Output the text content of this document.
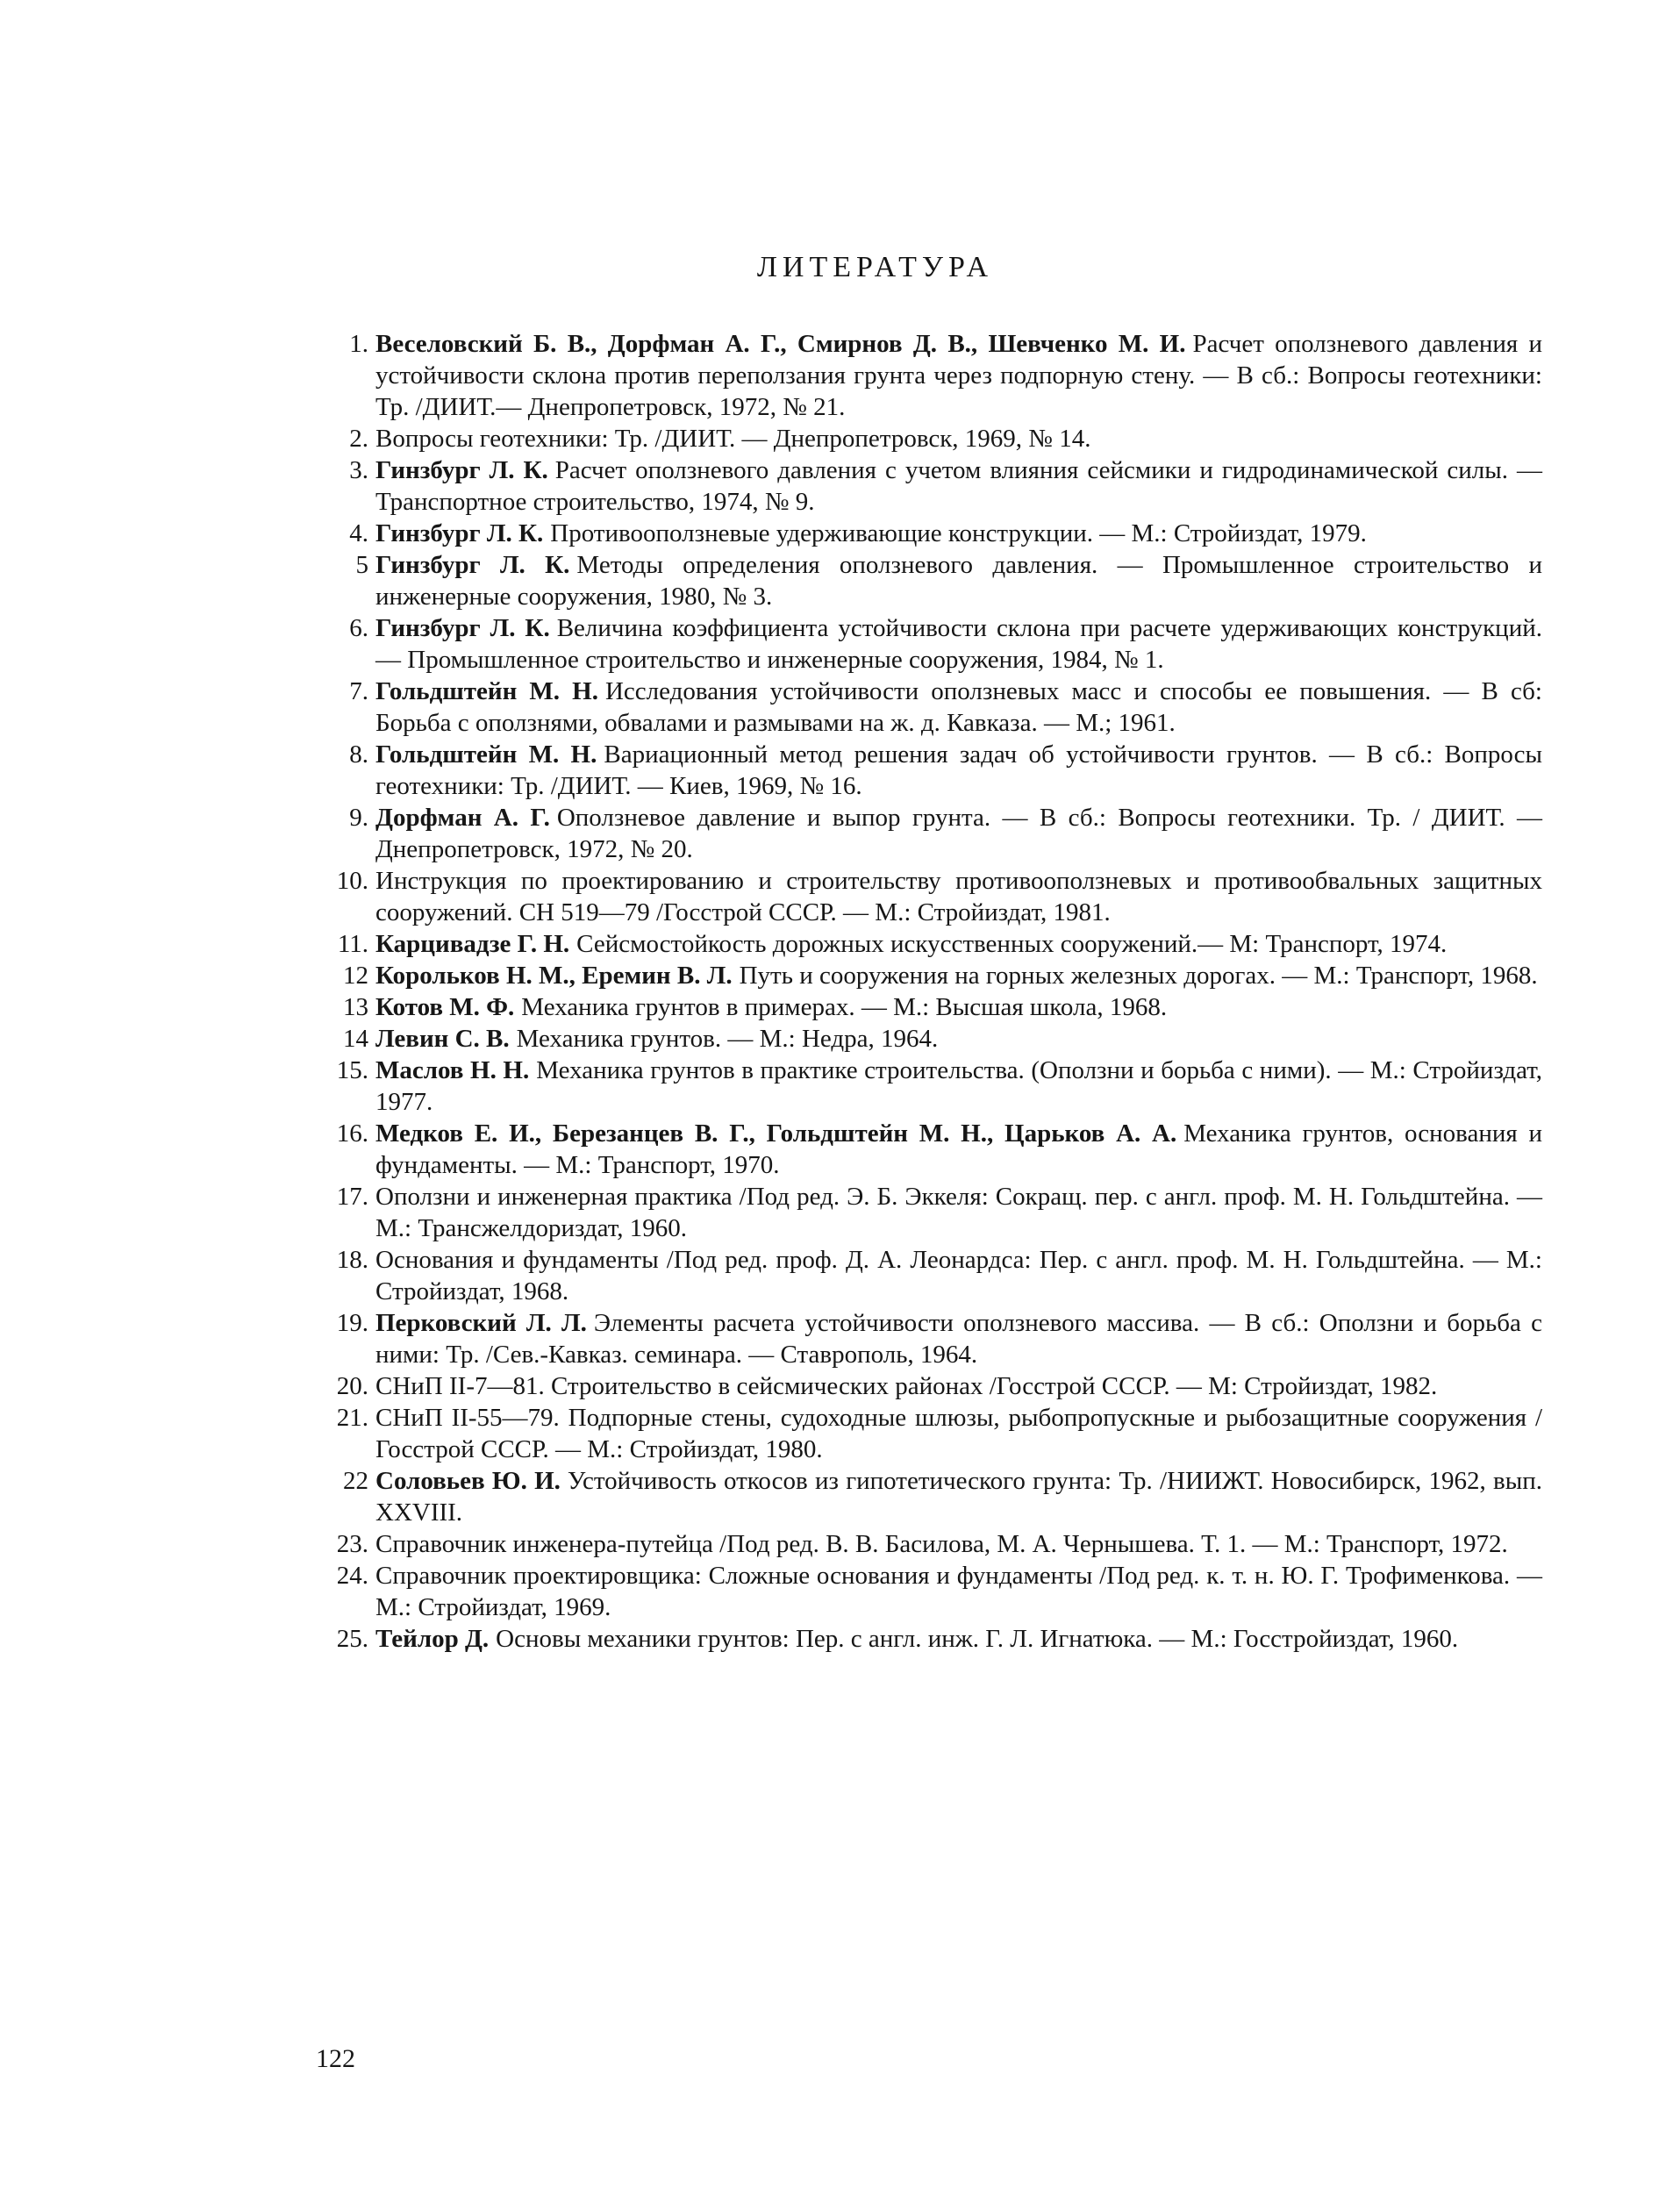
ЛИТЕРАТУРА
1. Веселовский Б. В., Дорфман А. Г., Смирнов Д. В., Шевченко М. И. Расчет оползневого давления и устойчивости склона против переползания грунта через подпорную стену. — В сб.: Вопросы геотехники: Тр. /ДИИТ.— Днепропетровск, 1972, № 21.
2. Вопросы геотехники: Тр. /ДИИТ. — Днепропетровск, 1969, № 14.
3. Гинзбург Л. К. Расчет оползневого давления с учетом влияния сейсмики и гидродинамической силы. — Транспортное строительство, 1974, № 9.
4. Гинзбург Л. К. Противооползневые удерживающие конструкции. — М.: Стройиздат, 1979.
5 Гинзбург Л. К. Методы определения оползневого давления. — Промышленное строительство и инженерные сооружения, 1980, № 3.
6. Гинзбург Л. К. Величина коэффициента устойчивости склона при расчете удерживающих конструкций. — Промышленное строительство и инженерные сооружения, 1984, № 1.
7. Гольдштейн М. Н. Исследования устойчивости оползневых масс и способы ее повышения. — В сб: Борьба с оползнями, обвалами и размывами на ж. д. Кавказа. — М.; 1961.
8. Гольдштейн М. Н. Вариационный метод решения задач об устойчивости грунтов. — В сб.: Вопросы геотехники: Тр. /ДИИТ. — Киев, 1969, № 16.
9. Дорфман А. Г. Оползневое давление и выпор грунта. — В сб.: Вопросы геотехники. Тр. / ДИИТ. — Днепропетровск, 1972, № 20.
10. Инструкция по проектированию и строительству противооползневых и противообвальных защитных сооружений. СН 519—79 /Госстрой СССР. — М.: Стройиздат, 1981.
11. Карцивадзе Г. Н. Сейсмостойкость дорожных искусственных сооружений.— М: Транспорт, 1974.
12 Корольков Н. М., Еремин В. Л. Путь и сооружения на горных железных дорогах. — М.: Транспорт, 1968.
13 Котов М. Ф. Механика грунтов в примерах. — М.: Высшая школа, 1968.
14 Левин С. В. Механика грунтов. — М.: Недра, 1964.
15. Маслов Н. Н. Механика грунтов в практике строительства. (Оползни и борьба с ними). — М.: Стройиздат, 1977.
16. Медков Е. И., Березанцев В. Г., Гольдштейн М. Н., Царьков А. А. Механика грунтов, основания и фундаменты. — М.: Транспорт, 1970.
17. Оползни и инженерная практика /Под ред. Э. Б. Эккеля: Сокращ. пер. с англ. проф. М. Н. Гольдштейна. — М.: Трансжелдориздат, 1960.
18. Основания и фундаменты /Под ред. проф. Д. А. Леонардса: Пер. с англ. проф. М. Н. Гольдштейна. — М.: Стройиздат, 1968.
19. Перковский Л. Л. Элементы расчета устойчивости оползневого массива. — В сб.: Оползни и борьба с ними: Тр. /Сев.-Кавказ. семинара. — Ставрополь, 1964.
20. СНиП II-7—81. Строительство в сейсмических районах /Госстрой СССР. — М: Стройиздат, 1982.
21. СНиП II-55—79. Подпорные стены, судоходные шлюзы, рыбопропускные и рыбозащитные сооружения /Госстрой СССР. — М.: Стройиздат, 1980.
22 Соловьев Ю. И. Устойчивость откосов из гипотетического грунта: Тр. /НИИЖТ. Новосибирск, 1962, вып. XXVIII.
23. Справочник инженера-путейца /Под ред. В. В. Басилова, М. А. Чернышева. Т. 1. — М.: Транспорт, 1972.
24. Справочник проектировщика: Сложные основания и фундаменты /Под ред. к. т. н. Ю. Г. Трофименкова. — М.: Стройиздат, 1969.
25. Тейлор Д. Основы механики грунтов: Пер. с англ. инж. Г. Л. Игнатюка. — М.: Госстройиздат, 1960.
122
